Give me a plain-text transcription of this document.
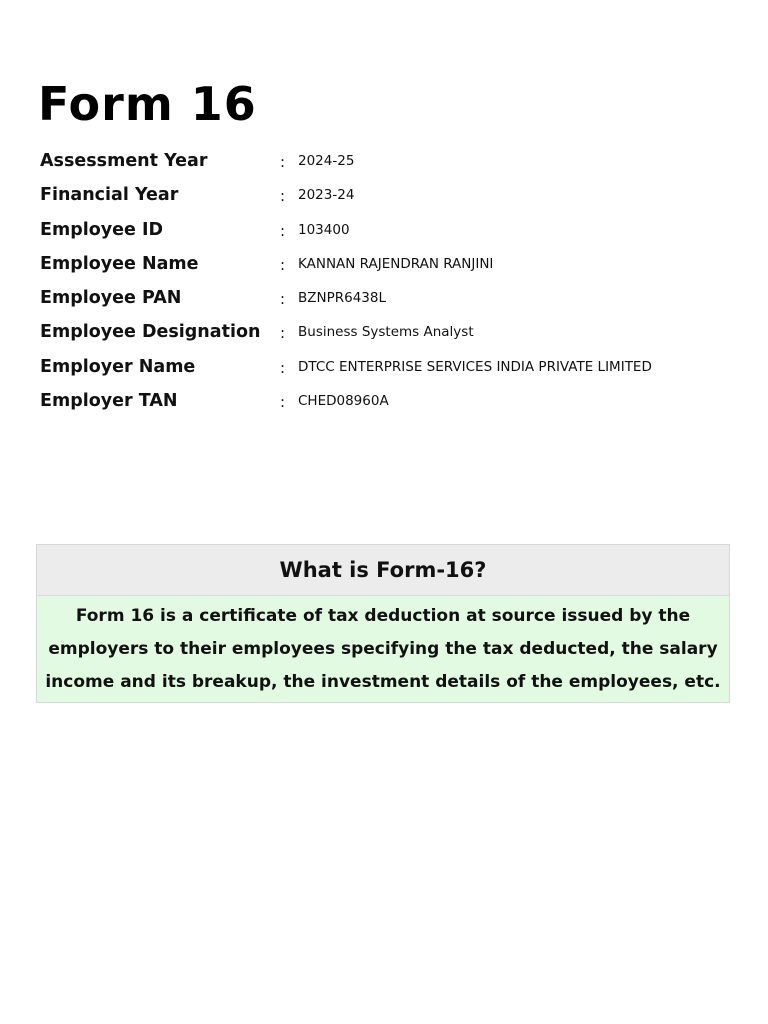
Form 16
Assessment Year	: 2024-25
Financial Year	: 2023-24
Employee ID	: 103400
Employee Name	: KANNAN RAJENDRAN RANJINI
Employee PAN	: BZNPR6438L
Employee Designation : Business Systems Analyst
Employer Name	: DTCC ENTERPRISE SERVICES INDIA PRIVATE LIMITED
Employer TAN	: CHED08960A
What is Form-16?
Form 16 is a certificate of tax deduction at source issued by the employers to their employees specifying the tax deducted, the salary income and its breakup, the investment details of the employees, etc.
